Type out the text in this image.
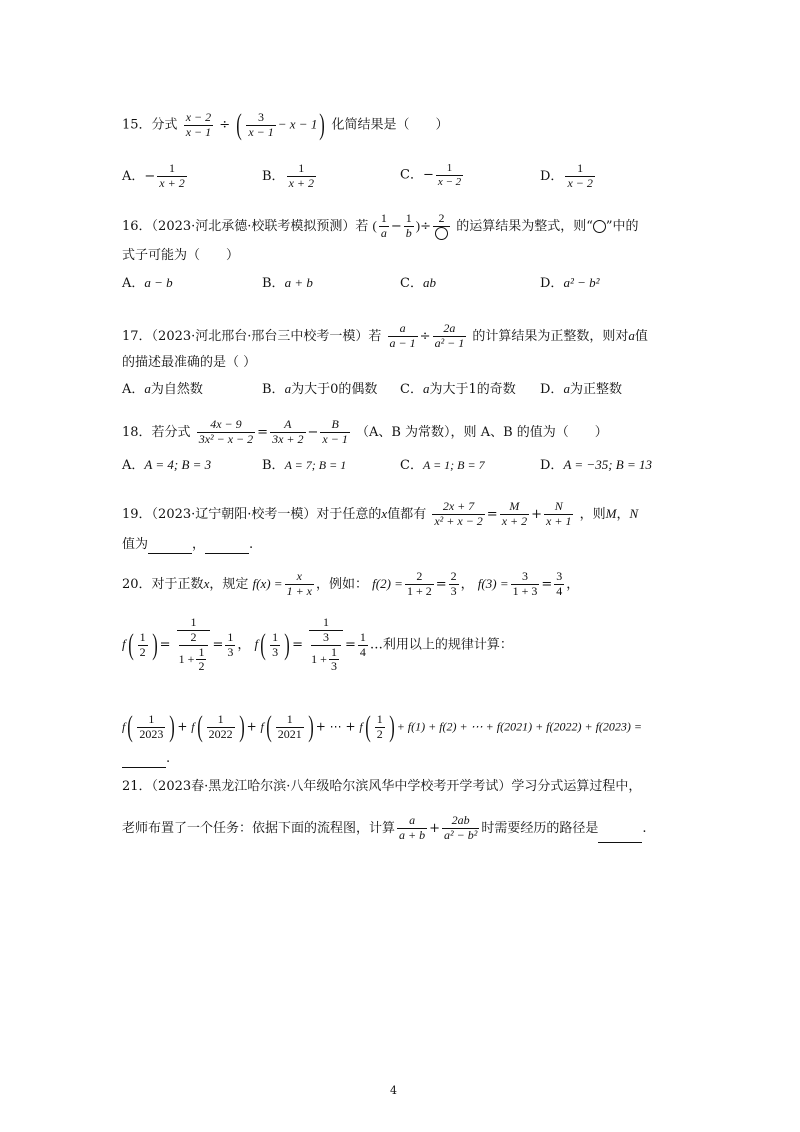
15．分式 $\frac{x - 2}{x - 1}$ ÷ ( $\frac{3}{x - 1} - x - 1$) 化简结果是（　　）
A．− $\frac{1}{x + 2}$	B． $\frac{1}{x + 2}$	C．− $\frac{1}{x - 2}$	D． $\frac{1}{x - 2}$
16．（2023·河北承德·校联考模拟预测）若 ( $\frac{1}{a} - \frac{1}{b}$ )÷
2
的运算结果为整式，则“ ”中的
式子可能为（　　）
A．a − b	B．a + b	C．ab	D．a² − b²
17．（2023·河北邢台·邢台三中校考一模）若 $\frac{a}{a - 1} \div \frac{2a}{\text{a² − 1}}$ 的计算结果为正整数，则对a值
的描述最准确的是（ ）
A．a为自然数	B．a为大于0的偶数 C．a为大于1的奇数 D．a为正整数
18．若分式 $\frac{4x - 9}{\text{3x² − x − 2}} = \frac{A}{3x + 2} - \frac{B}{x - 1} (A$、B 为常数），则 A、B 的值为（　　）
A．A = 4; B = 3	B．A = 7; B = 1	C．A = 1; B = 7	D．A = −35; B = 13
19．（2023·辽宁朝阳·校考一模）对于任意的x值都有 $\frac{2x + 7}{\text{x² + x − 2}} = \frac{M}{x + 2} + \frac{N}{x + 1}$ ，则M，N
值为	，	.
20．对于正数x，规定 $f(x) = \frac{x}{1 + x}$ ，例如： $f(2) = \frac{2}{1 + 2} = \frac{2}{3}$ ， $f(3) = \frac{3}{1 + 3} = \frac{3}{4}$ ，
$f( \frac{1}{2}$ ) = 1
2
$1 + \frac{1}{2} = \frac{1}{3}$ ， $f( \frac{1}{3}$ ) = 1
3
$1 + \frac{1}{3} = \frac{1}{4}$ …利用以上的规律计算：
$f( \frac{1}{2023}$ ) + $f( \frac{1}{2022}$ ) + $f( \frac{1}{2021}$ ) + ⋯ + $f( \frac{1}{2}$ ) + f(1) + f(2) + ⋯ + f(2021) + f(2022) + f(2023) =
.
21．（2023春·黑龙江哈尔滨·八年级哈尔滨风华中学校考开学考试）学习分式运算过程中，
老师布置了一个任务：依据下面的流程图，计算 $\frac{a}{a + b} + \frac{2ab}{\text{a² − b²}}$ 时需要经历的路径是	.
4
